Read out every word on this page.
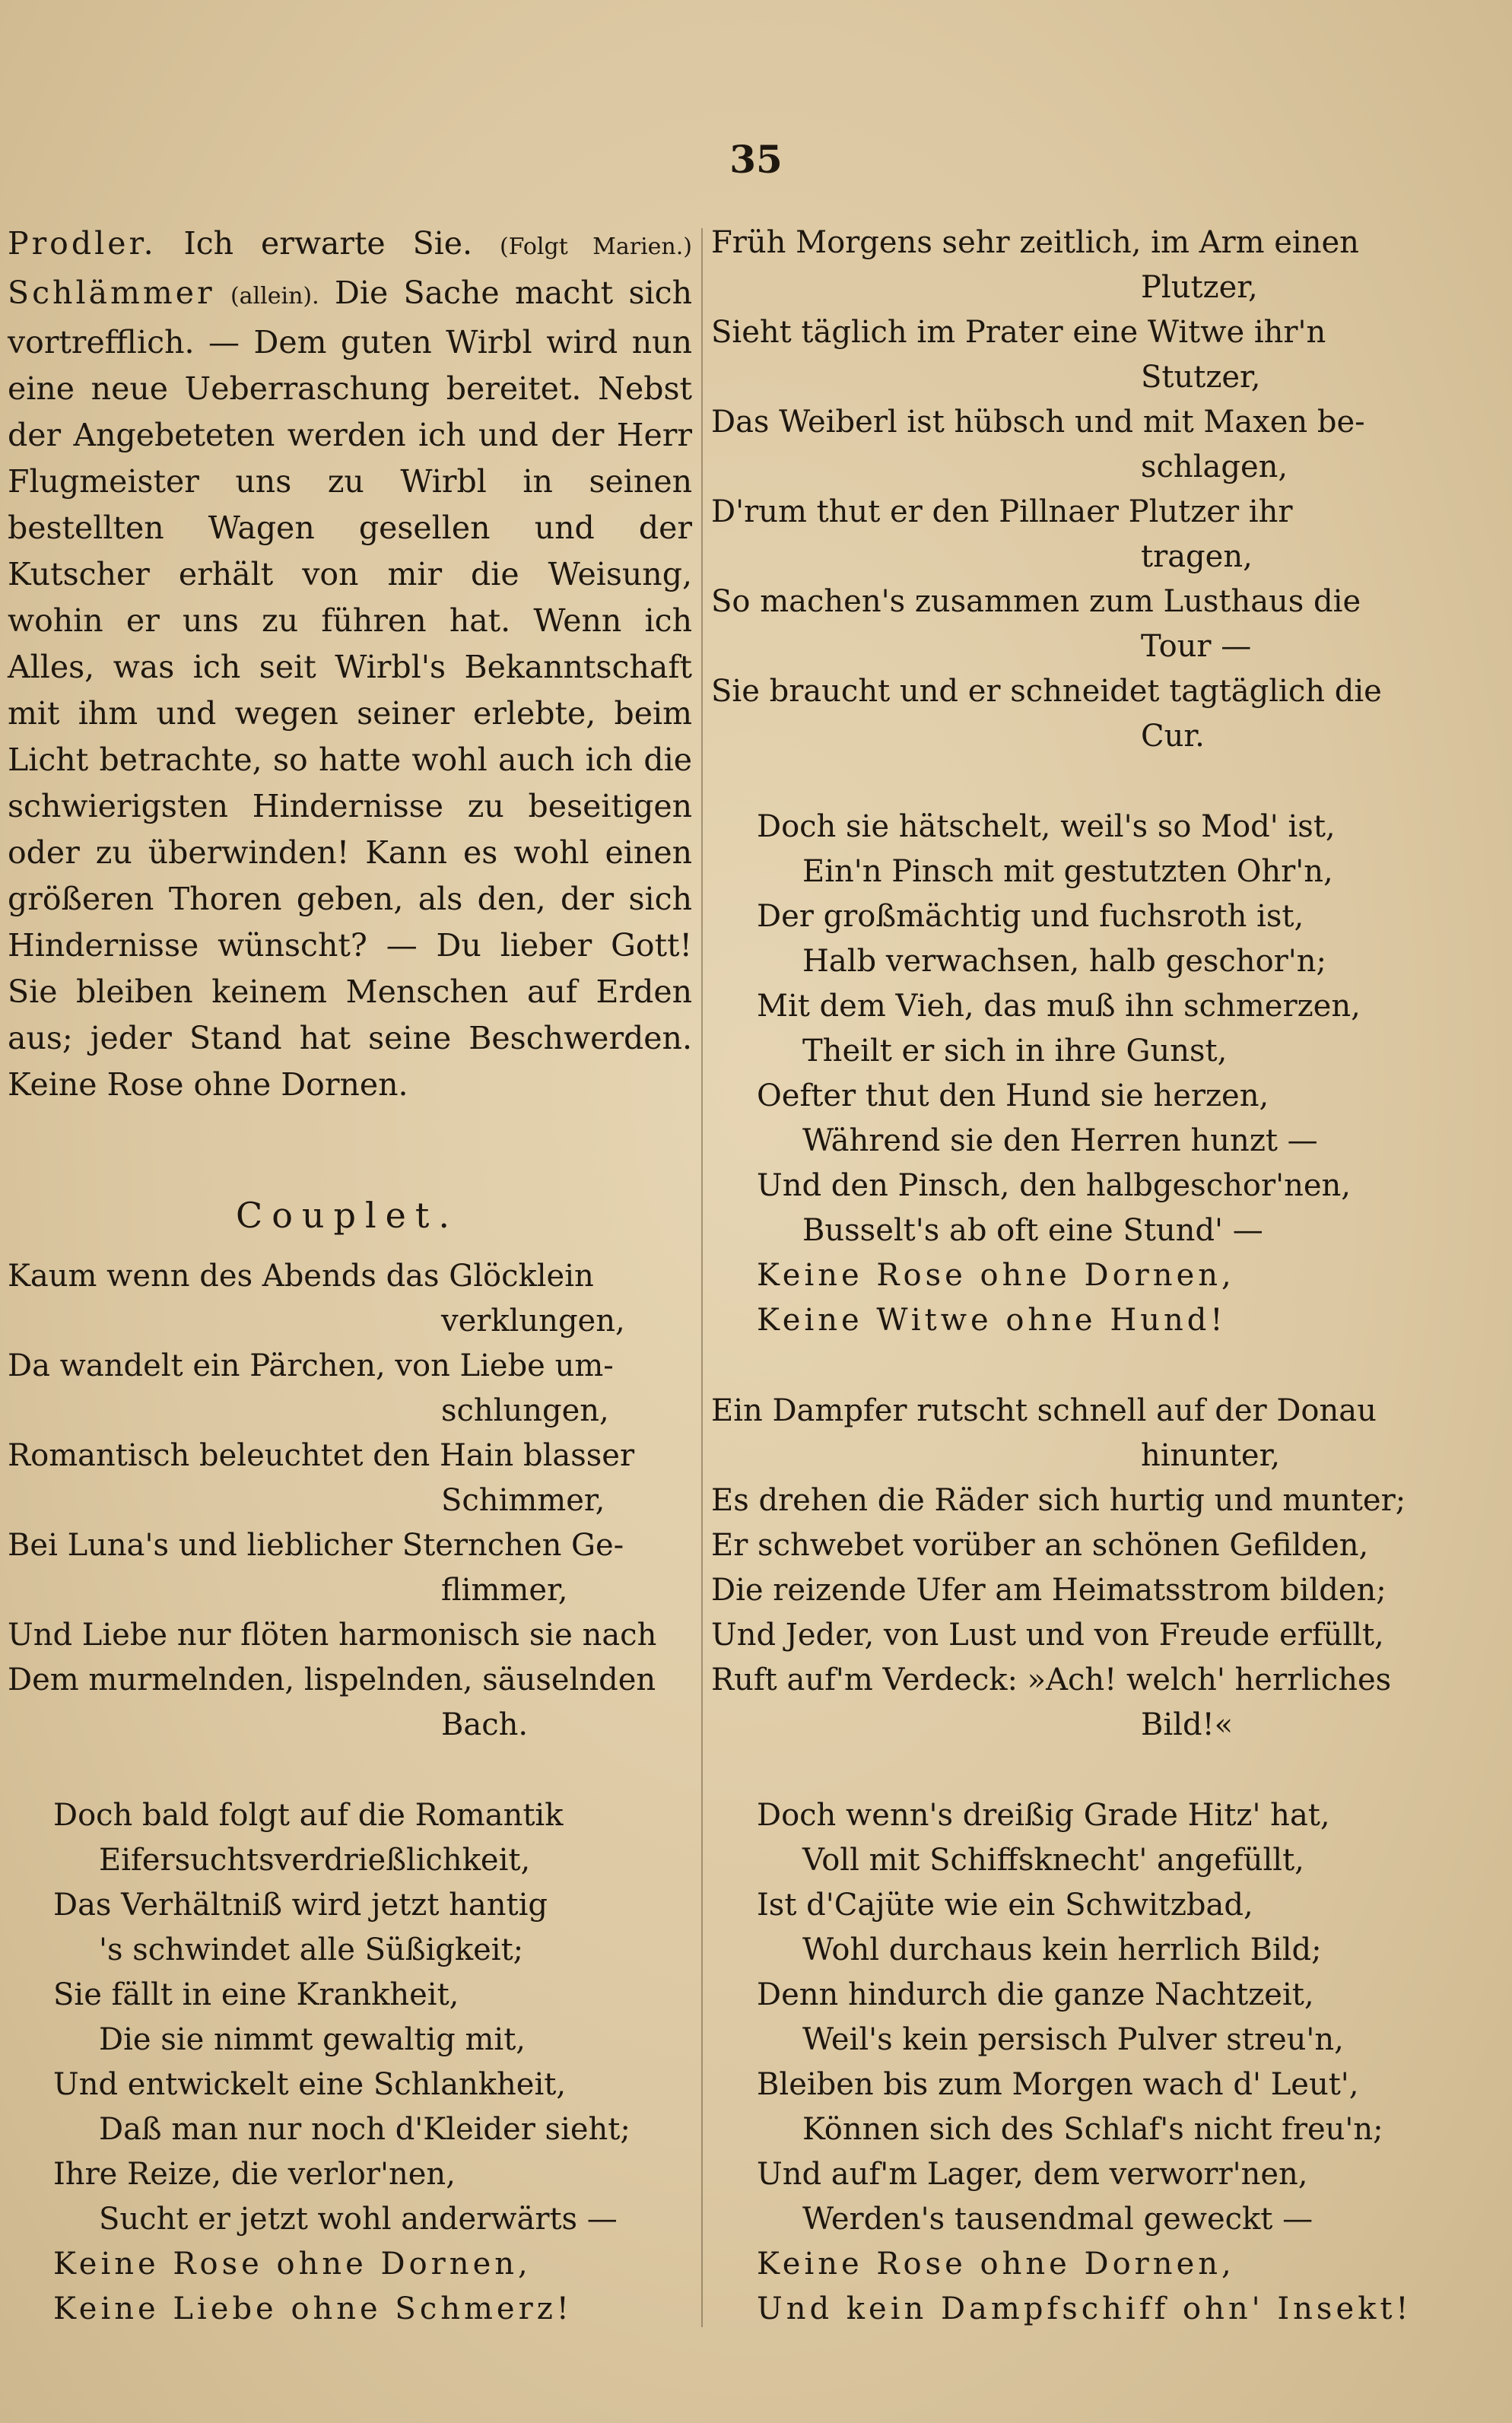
35

Prodler. Ich erwarte Sie. (Folgt Marien.) Schlämmer (allein). Die Sache macht sich vortrefflich. — Dem guten Wirbl wird nun eine neue Ueberraschung bereitet. Nebst der Angebeteten werden ich und der Herr Flugmeister uns zu Wirbl in seinen bestellten Wagen gesellen und der Kutscher erhält von mir die Weisung, wohin er uns zu führen hat. Wenn ich Alles, was ich seit Wirbl's Bekanntschaft mit ihm und wegen seiner erlebte, beim Licht betrachte, so hatte wohl auch ich die schwierigsten Hindernisse zu beseitigen oder zu überwinden! Kann es wohl einen größeren Thoren geben, als den, der sich Hindernisse wünscht? — Du lieber Gott! Sie bleiben keinem Menschen auf Erden aus; jeder Stand hat seine Beschwerden. Keine Rose ohne Dornen.

Couplet.

Kaum wenn des Abends das Glöcklein
verklungen,
Da wandelt ein Pärchen, von Liebe um-
schlungen,
Romantisch beleuchtet den Hain blasser
Schimmer,
Bei Luna's und lieblicher Sternchen Ge-
flimmer,
Und Liebe nur flöten harmonisch sie nach
Dem murmelnden, lispelnden, säuselnden
Bach.
Doch bald folgt auf die Romantik
Eifersuchtsverdrießlichkeit,
Das Verhältniß wird jetzt hantig
's schwindet alle Süßigkeit;
Sie fällt in eine Krankheit,
Die sie nimmt gewaltig mit,
Und entwickelt eine Schlankheit,
Daß man nur noch d'Kleider sieht;
Ihre Reize, die verlor'nen,
Sucht er jetzt wohl anderwärts —
Keine Rose ohne Dornen,
Keine Liebe ohne Schmerz!
Früh Morgens sehr zeitlich, im Arm einen
Plutzer,
Sieht täglich im Prater eine Witwe ihr'n
Stutzer,
Das Weiberl ist hübsch und mit Maxen be-
schlagen,
D'rum thut er den Pillnaer Plutzer ihr
tragen,
So machen's zusammen zum Lusthaus die
Tour —
Sie braucht und er schneidet tagtäglich die
Cur.
Doch sie hätschelt, weil's so Mod' ist,
Ein'n Pinsch mit gestutzten Ohr'n,
Der großmächtig und fuchsroth ist,
Halb verwachsen, halb geschor'n;
Mit dem Vieh, das muß ihn schmerzen,
Theilt er sich in ihre Gunst,
Oefter thut den Hund sie herzen,
Während sie den Herren hunzt —
Und den Pinsch, den halbgeschor'nen,
Busselt's ab oft eine Stund' —
Keine Rose ohne Dornen,
Keine Witwe ohne Hund!
Ein Dampfer rutscht schnell auf der Donau
hinunter,
Es drehen die Räder sich hurtig und munter;
Er schwebet vorüber an schönen Gefilden,
Die reizende Ufer am Heimatsstrom bilden;
Und Jeder, von Lust und von Freude erfüllt,
Ruft auf'm Verdeck: »Ach! welch' herrliches
Bild!«
Doch wenn's dreißig Grade Hitz' hat,
Voll mit Schiffsknecht' angefüllt,
Ist d'Cajüte wie ein Schwitzbad,
Wohl durchaus kein herrlich Bild;
Denn hindurch die ganze Nachtzeit,
Weil's kein persisch Pulver streu'n,
Bleiben bis zum Morgen wach d' Leut',
Können sich des Schlaf's nicht freu'n;
Und auf'm Lager, dem verworr'nen,
Werden's tausendmal geweckt —
Keine Rose ohne Dornen,
Und kein Dampfschiff ohn' Insekt!
